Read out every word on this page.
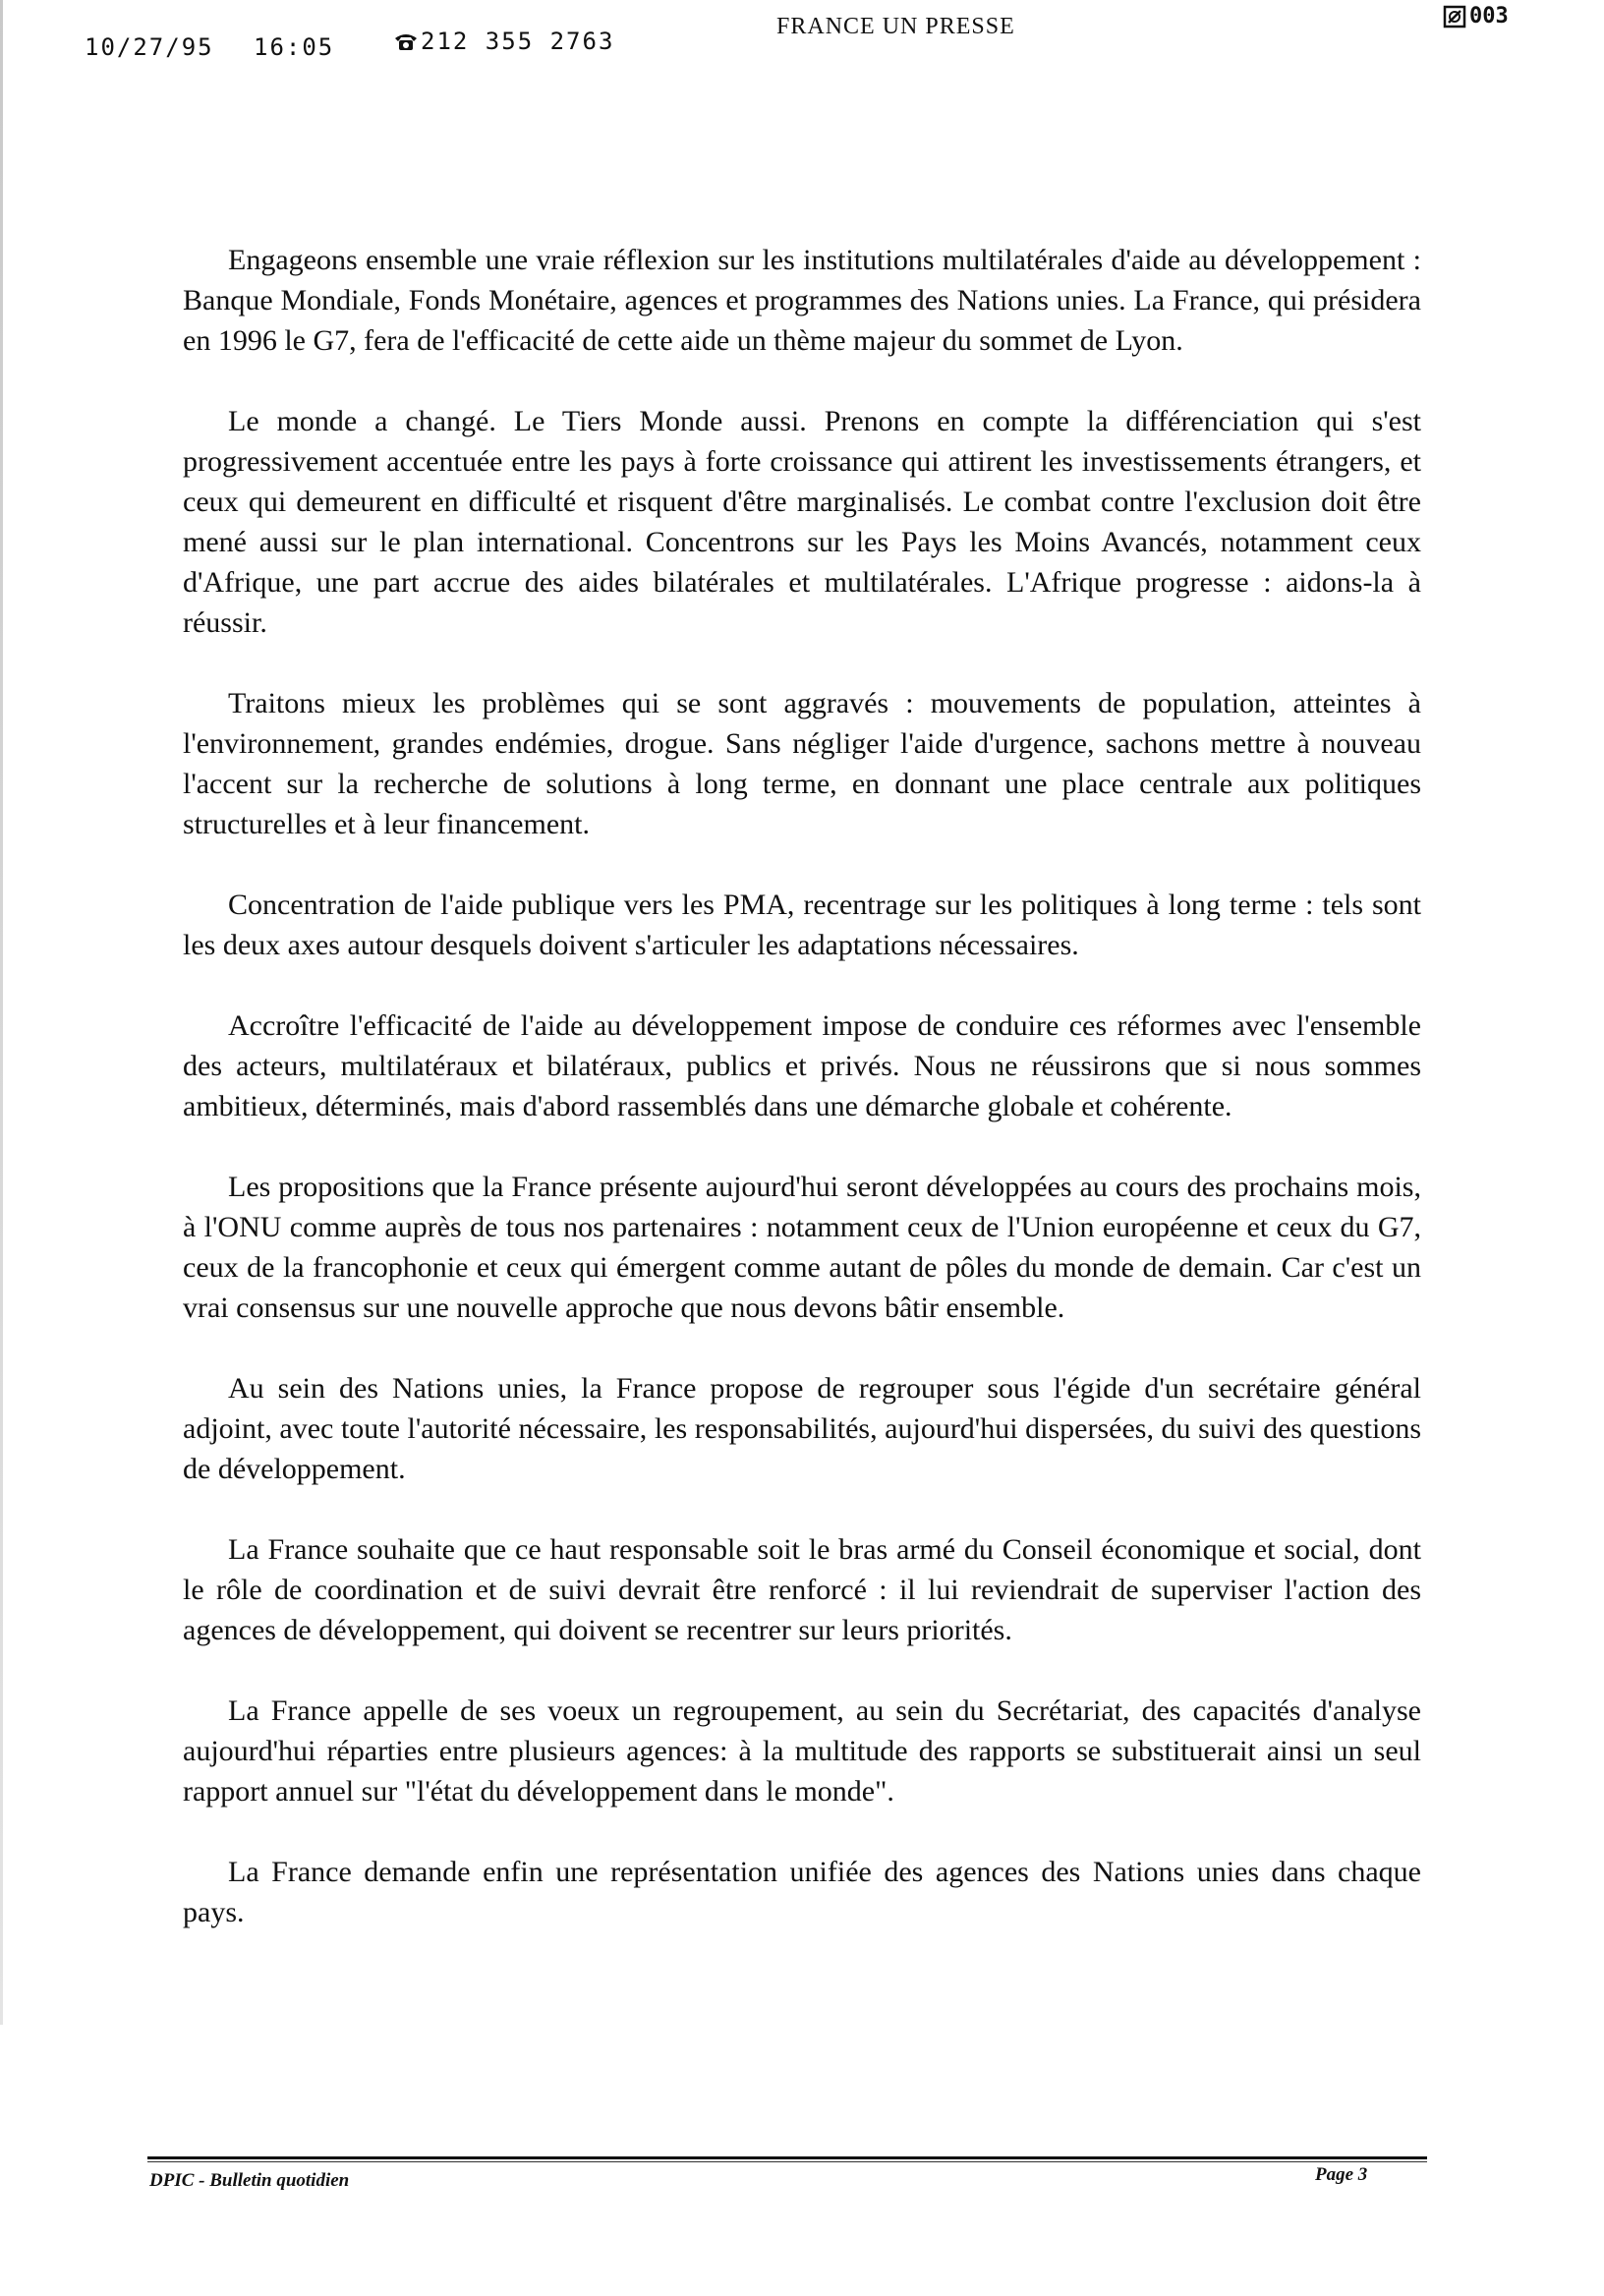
10/27/95 16:05	212 355 2763
FRANCE UN PRESSE	003

Engageons ensemble une vraie réflexion sur les institutions multilatérales d'aide au développement : Banque Mondiale, Fonds Monétaire, agences et programmes des Nations unies. La France, qui présidera en 1996 le G7, fera de l'efficacité de cette aide un thème majeur du sommet de Lyon.

Le monde a changé. Le Tiers Monde aussi. Prenons en compte la différenciation qui s'est progressivement accentuée entre les pays à forte croissance qui attirent les investissements étrangers, et ceux qui demeurent en difficulté et risquent d'être marginalisés. Le combat contre l'exclusion doit être mené aussi sur le plan international. Concentrons sur les Pays les Moins Avancés, notamment ceux d'Afrique, une part accrue des aides bilatérales et multilatérales. L'Afrique progresse : aidons-la à réussir.

Traitons mieux les problèmes qui se sont aggravés : mouvements de population, atteintes à l'environnement, grandes endémies, drogue. Sans négliger l'aide d'urgence, sachons mettre à nouveau l'accent sur la recherche de solutions à long terme, en donnant une place centrale aux politiques structurelles et à leur financement.

Concentration de l'aide publique vers les PMA, recentrage sur les politiques à long terme : tels sont les deux axes autour desquels doivent s'articuler les adaptations nécessaires.

Accroître l'efficacité de l'aide au développement impose de conduire ces réformes avec l'ensemble des acteurs, multilatéraux et bilatéraux, publics et privés. Nous ne réussirons que si nous sommes ambitieux, déterminés, mais d'abord rassemblés dans une démarche globale et cohérente.

Les propositions que la France présente aujourd'hui seront développées au cours des prochains mois, à l'ONU comme auprès de tous nos partenaires : notamment ceux de l'Union européenne et ceux du G7, ceux de la francophonie et ceux qui émergent comme autant de pôles du monde de demain. Car c'est un vrai consensus sur une nouvelle approche que nous devons bâtir ensemble.

Au sein des Nations unies, la France propose de regrouper sous l'égide d'un secrétaire général adjoint, avec toute l'autorité nécessaire, les responsabilités, aujourd'hui dispersées, du suivi des questions de développement.

La France souhaite que ce haut responsable soit le bras armé du Conseil économique et social, dont le rôle de coordination et de suivi devrait être renforcé : il lui reviendrait de superviser l'action des agences de développement, qui doivent se recentrer sur leurs priorités.

La France appelle de ses voeux un regroupement, au sein du Secrétariat, des capacités d'analyse aujourd'hui réparties entre plusieurs agences: à la multitude des rapports se substituerait ainsi un seul rapport annuel sur "l'état du développement dans le monde".

La France demande enfin une représentation unifiée des agences des Nations unies dans chaque pays.

DPIC - Bulletin quotidien	Page 3
